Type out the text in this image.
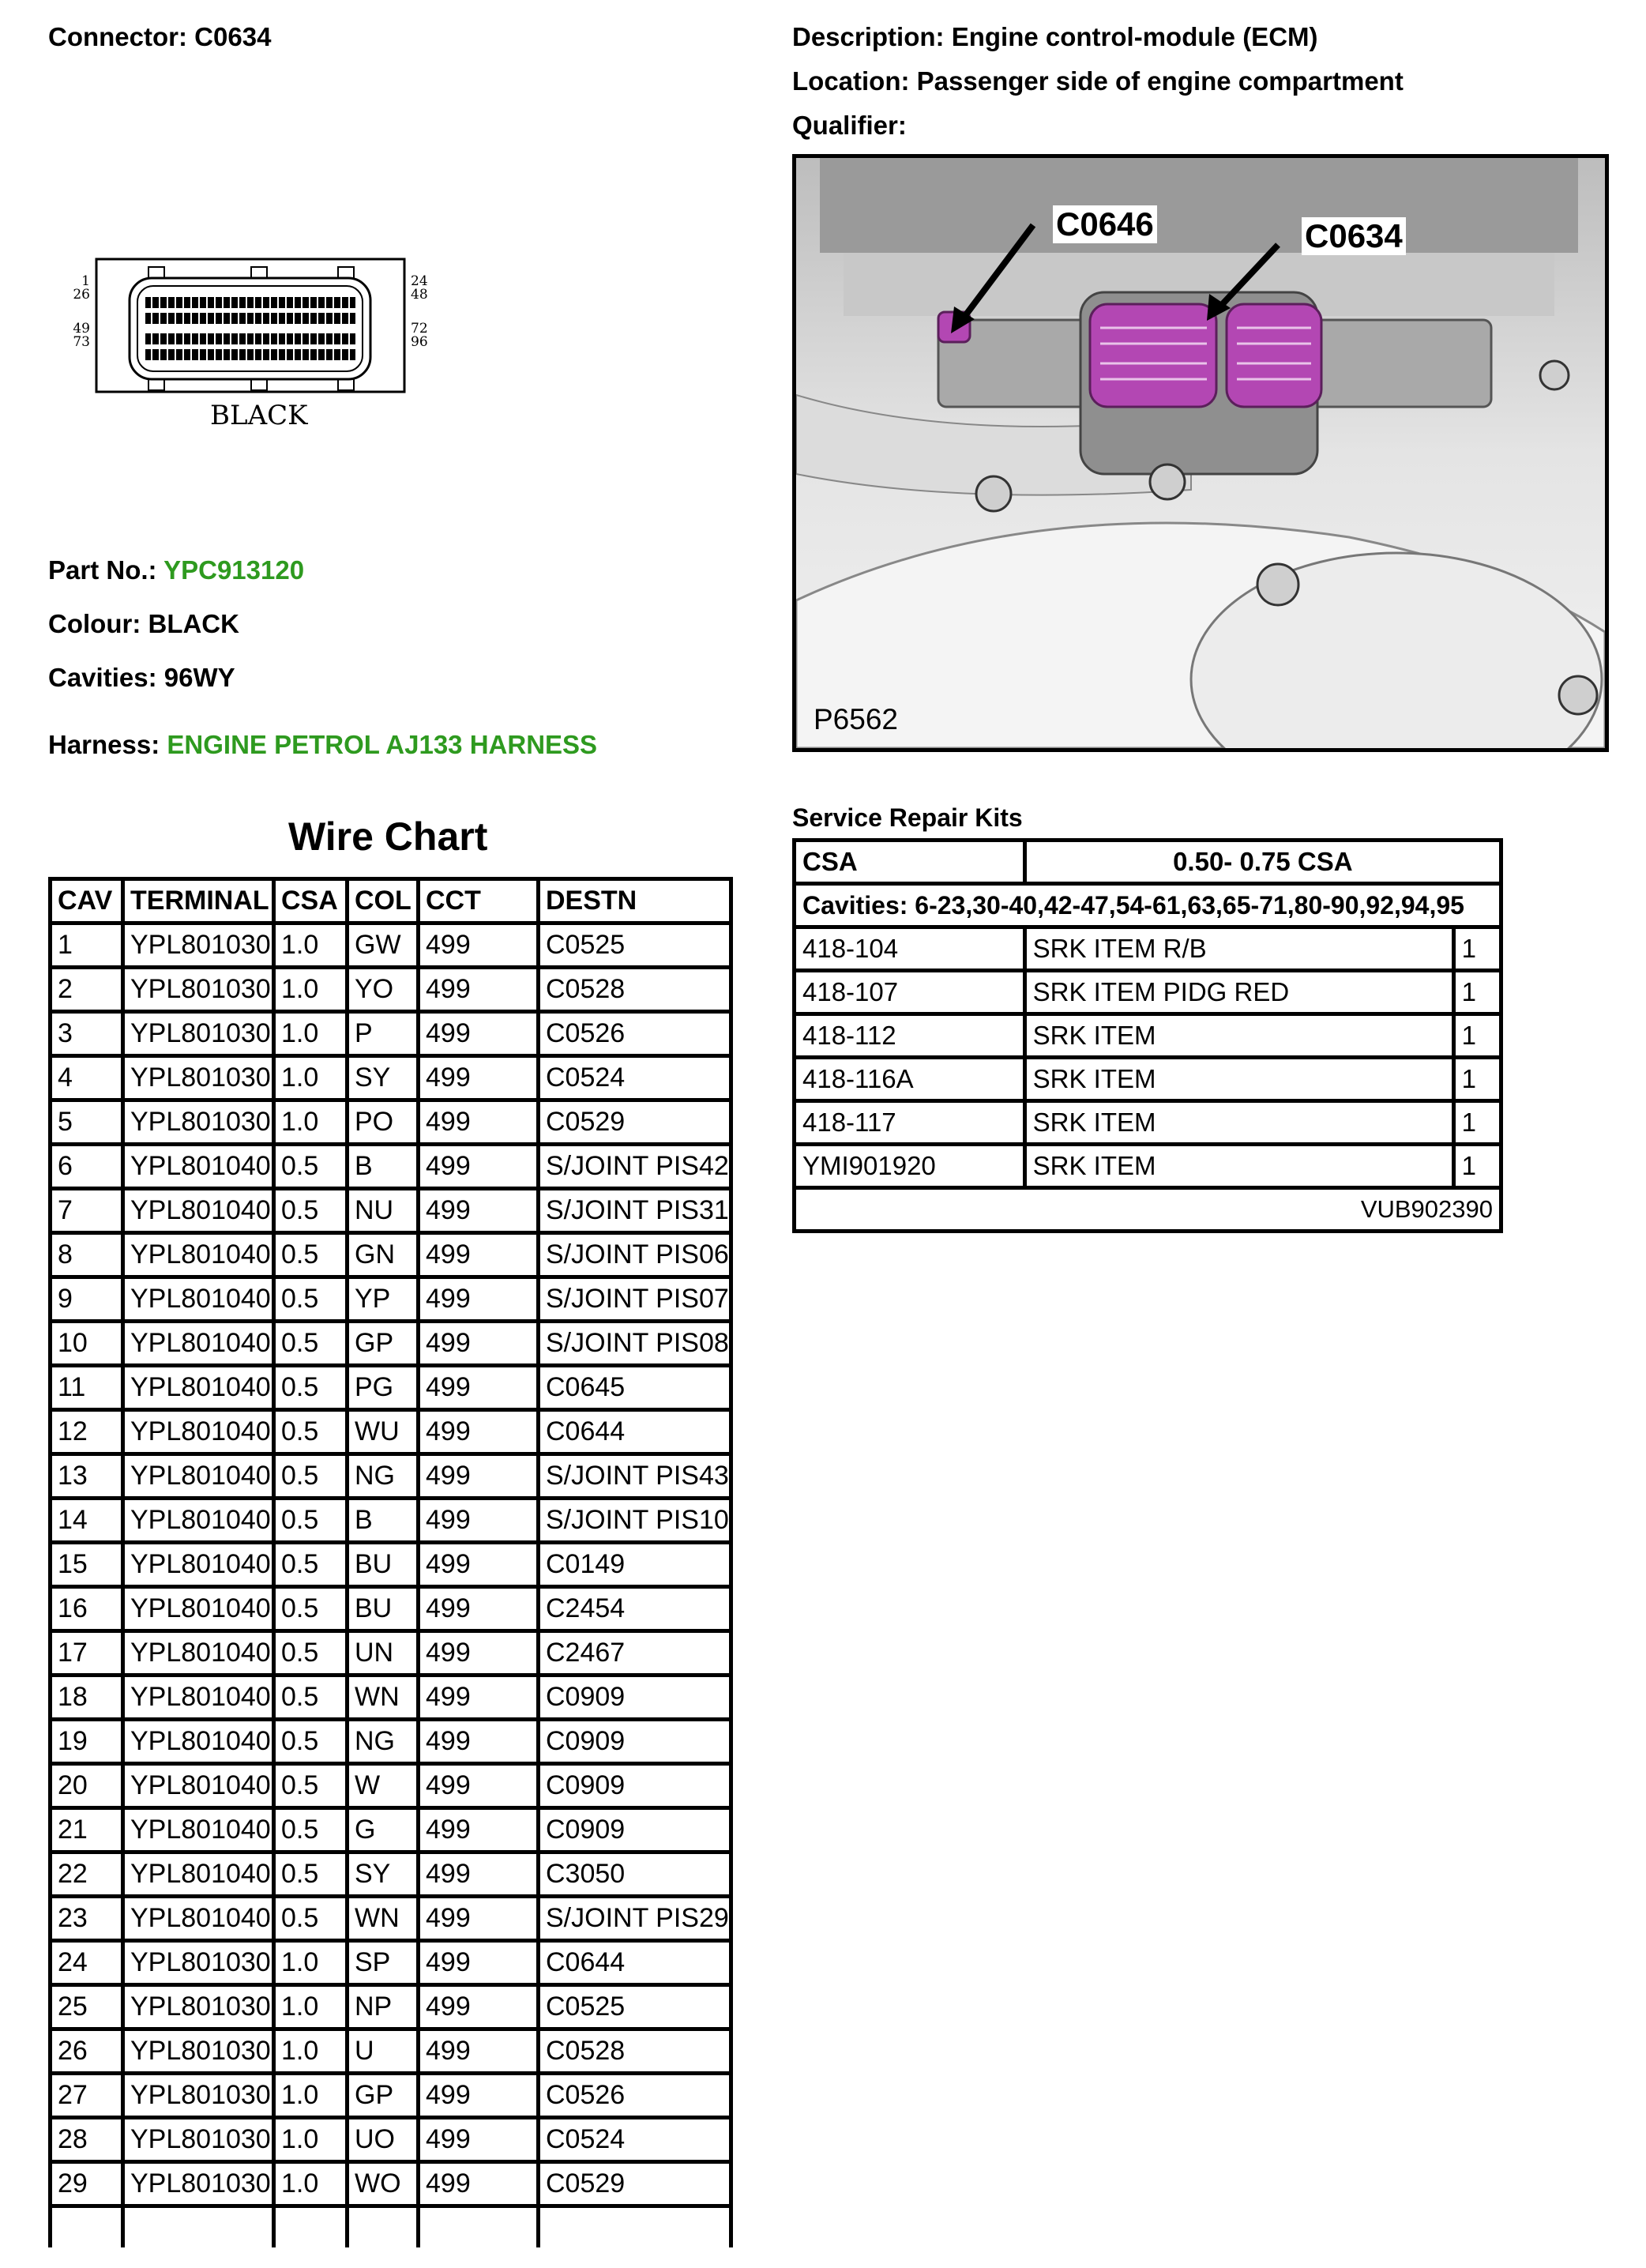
Connector: C0634	Description: Engine control-module (ECM)
Location: Passenger side of engine compartment
Qualifier:
1
26
49
73
24
48
72
96
BLACK
C0646	C0634
P6562
Part No.: YPC913120
Colour: BLACK
Cavities: 96WY
Harness: ENGINE PETROL AJ133 HARNESS
Wire Chart
CAV	TERMINAL	CSA	COL	CCT	DESTN
1	YPL801030	1.0	GW	499	C0525
2	YPL801030	1.0	YO	499	C0528
3	YPL801030	1.0	P	499	C0526
4	YPL801030	1.0	SY	499	C0524
5	YPL801030	1.0	PO	499	C0529
6	YPL801040	0.5	B	499	S/JOINT PIS42
7	YPL801040	0.5	NU	499	S/JOINT PIS31
8	YPL801040	0.5	GN	499	S/JOINT PIS06
9	YPL801040	0.5	YP	499	S/JOINT PIS07
10	YPL801040	0.5	GP	499	S/JOINT PIS08
11	YPL801040	0.5	PG	499	C0645
12	YPL801040	0.5	WU	499	C0644
13	YPL801040	0.5	NG	499	S/JOINT PIS43
14	YPL801040	0.5	B	499	S/JOINT PIS10
15	YPL801040	0.5	BU	499	C0149
16	YPL801040	0.5	BU	499	C2454
17	YPL801040	0.5	UN	499	C2467
18	YPL801040	0.5	WN	499	C0909
19	YPL801040	0.5	NG	499	C0909
20	YPL801040	0.5	W	499	C0909
21	YPL801040	0.5	G	499	C0909
22	YPL801040	0.5	SY	499	C3050
23	YPL801040	0.5	WN	499	S/JOINT PIS29
24	YPL801030	1.0	SP	499	C0644
25	YPL801030	1.0	NP	499	C0525
26	YPL801030	1.0	U	499	C0528
27	YPL801030	1.0	GP	499	C0526
28	YPL801030	1.0	UO	499	C0524
29	YPL801030	1.0	WO	499	C0529

Service Repair Kits
CSA	0.50- 0.75 CSA	
Cavities: 6-23,30-40,42-47,54-61,63,65-71,80-90,92,94,95		
418-104	SRK ITEM R/B	1
418-107	SRK ITEM PIDG RED	1
418-112	SRK ITEM	1
418-116A	SRK ITEM	1
418-117	SRK ITEM	1
YMI901920	SRK ITEM	1
VUB902390		
